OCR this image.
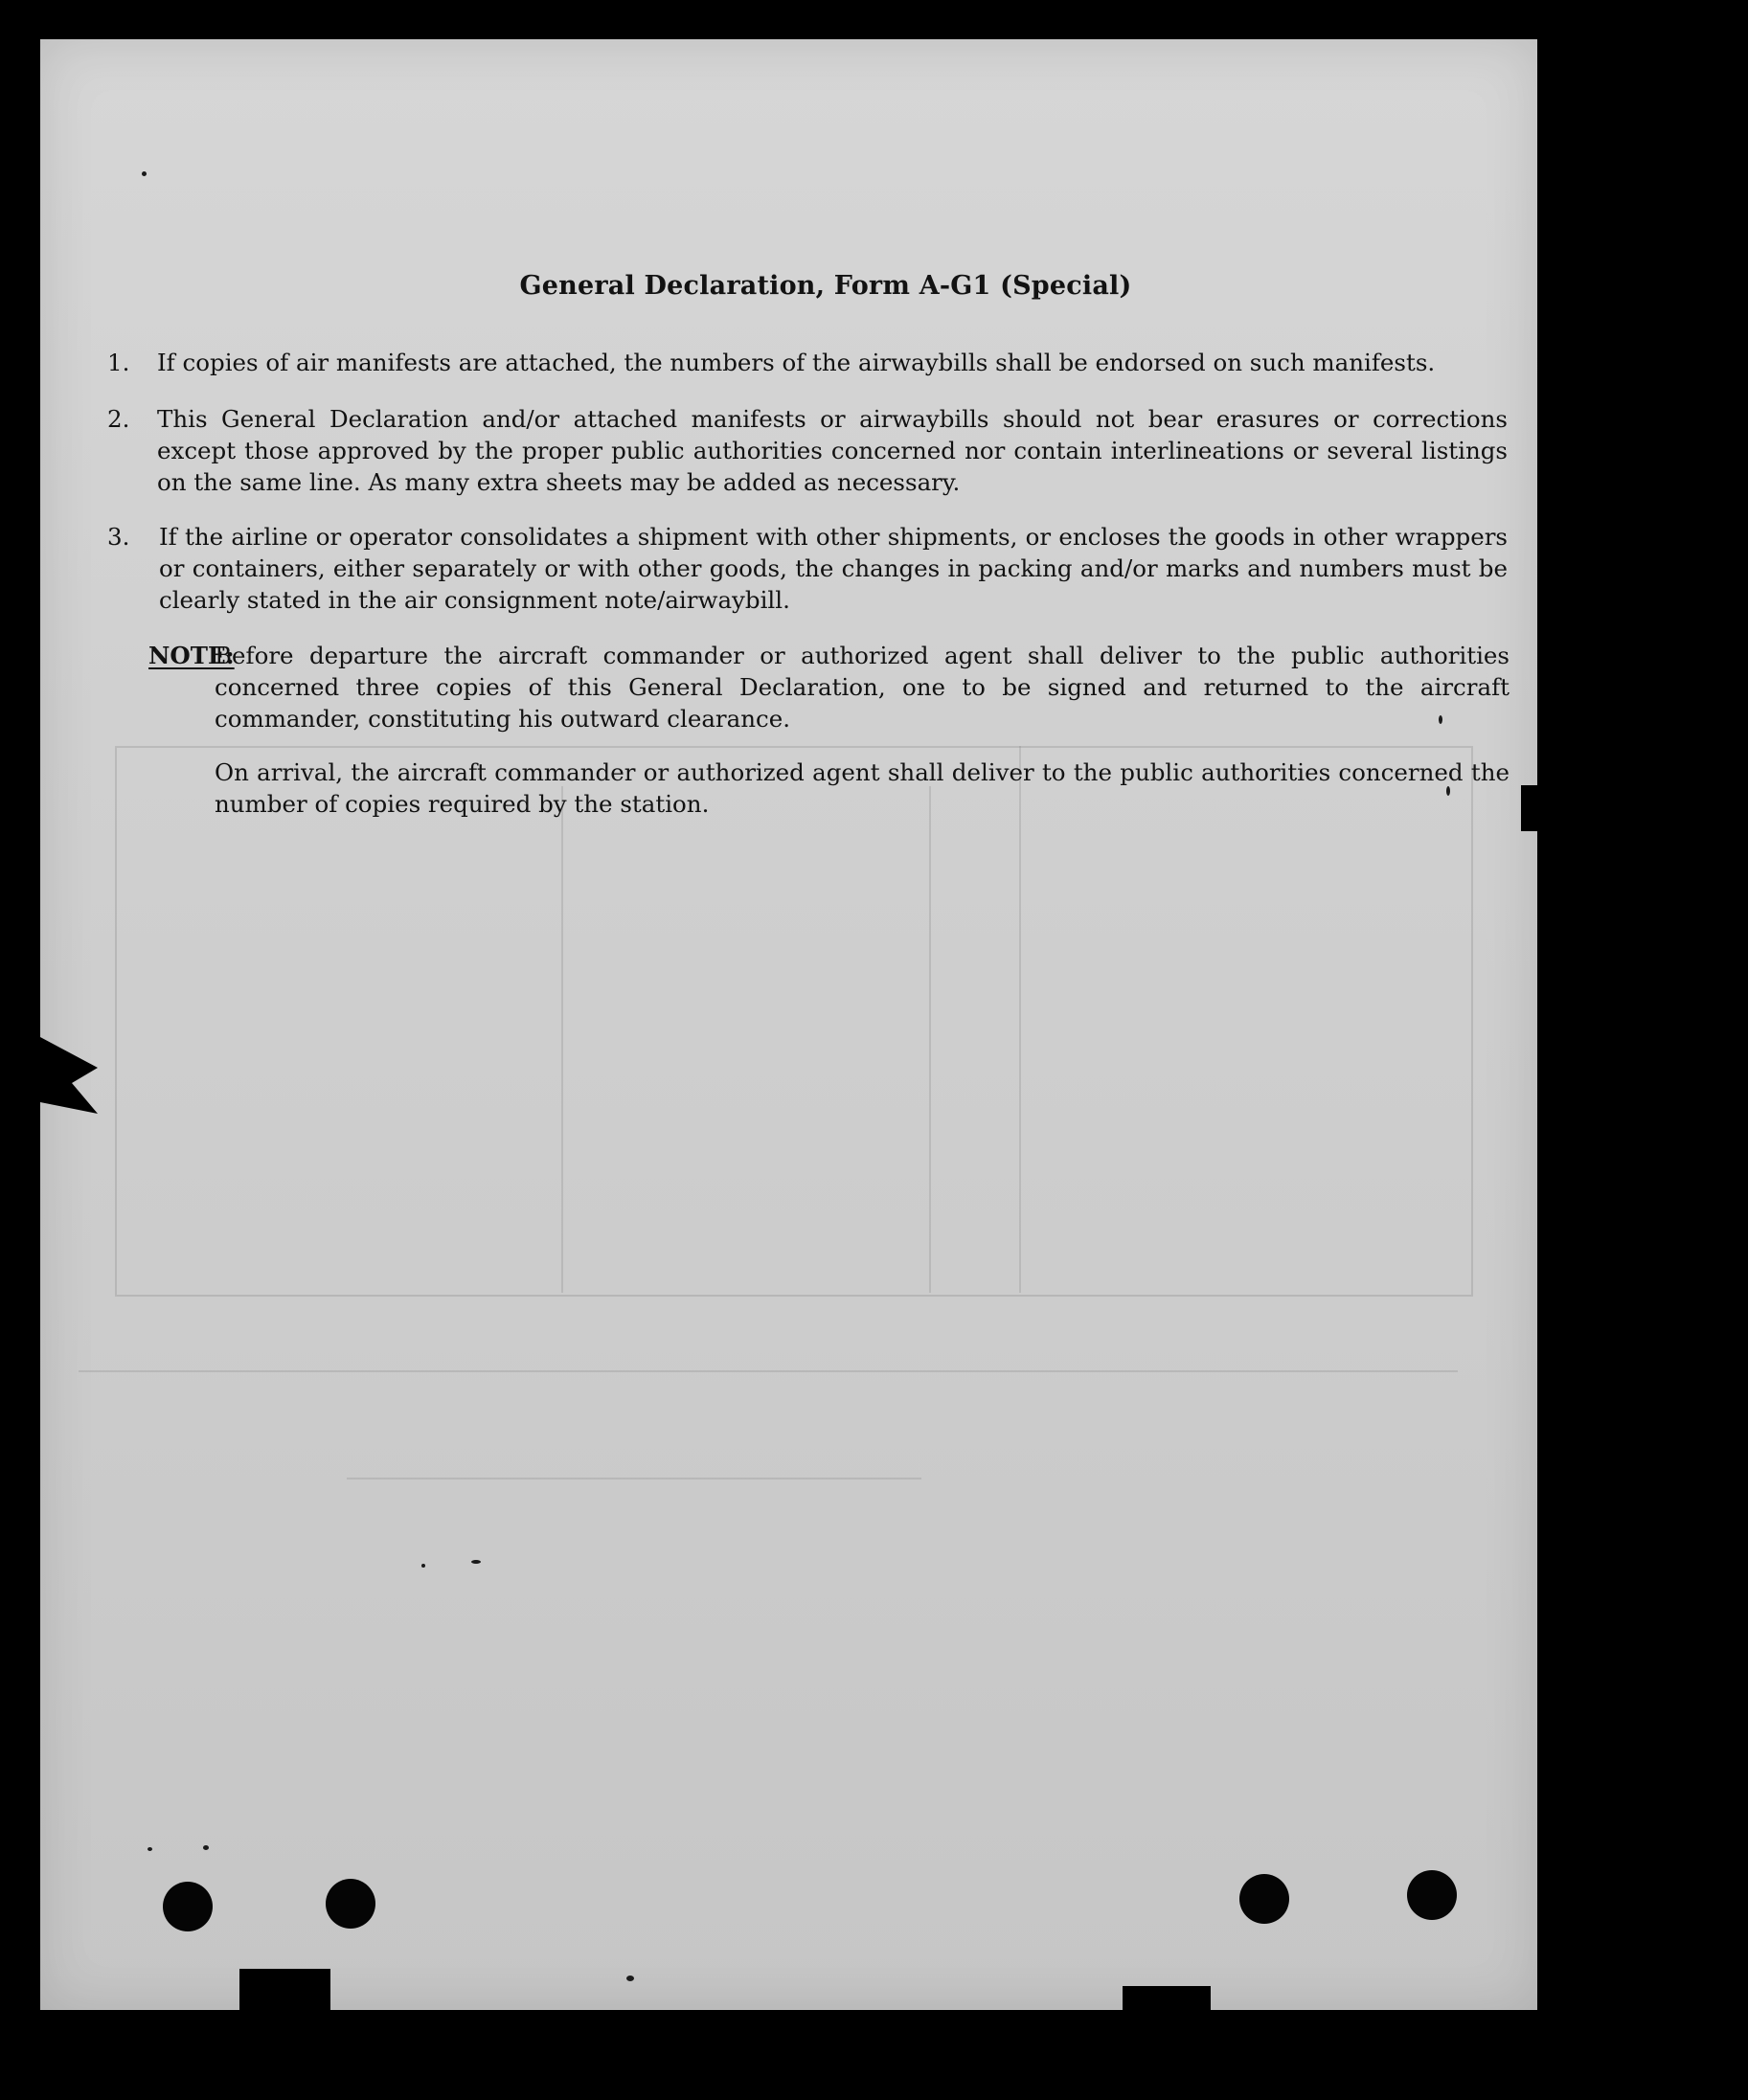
General Declaration, Form A-G1 (Special)
1. If copies of air manifests are attached, the numbers of the airwaybills shall be endorsed on such manifests.
2. This General Declaration and/or attached manifests or airwaybills should not bear erasures or corrections except those approved by the proper public authorities concerned nor contain interlineations or several listings on the same line. As many extra sheets may be added as necessary.
3. If the airline or operator consolidates a shipment with other shipments, or encloses the goods in other wrappers or containers, either separately or with other goods, the changes in packing and/or marks and numbers must be clearly stated in the air consignment note/airwaybill.
NOTE:
Before departure the aircraft commander or authorized agent shall deliver to the public authorities concerned three copies of this General Declaration, one to be signed and returned to the aircraft commander, constituting his outward clearance.
On arrival, the aircraft commander or authorized agent shall deliver to the public authorities concerned the number of copies required by the station.
